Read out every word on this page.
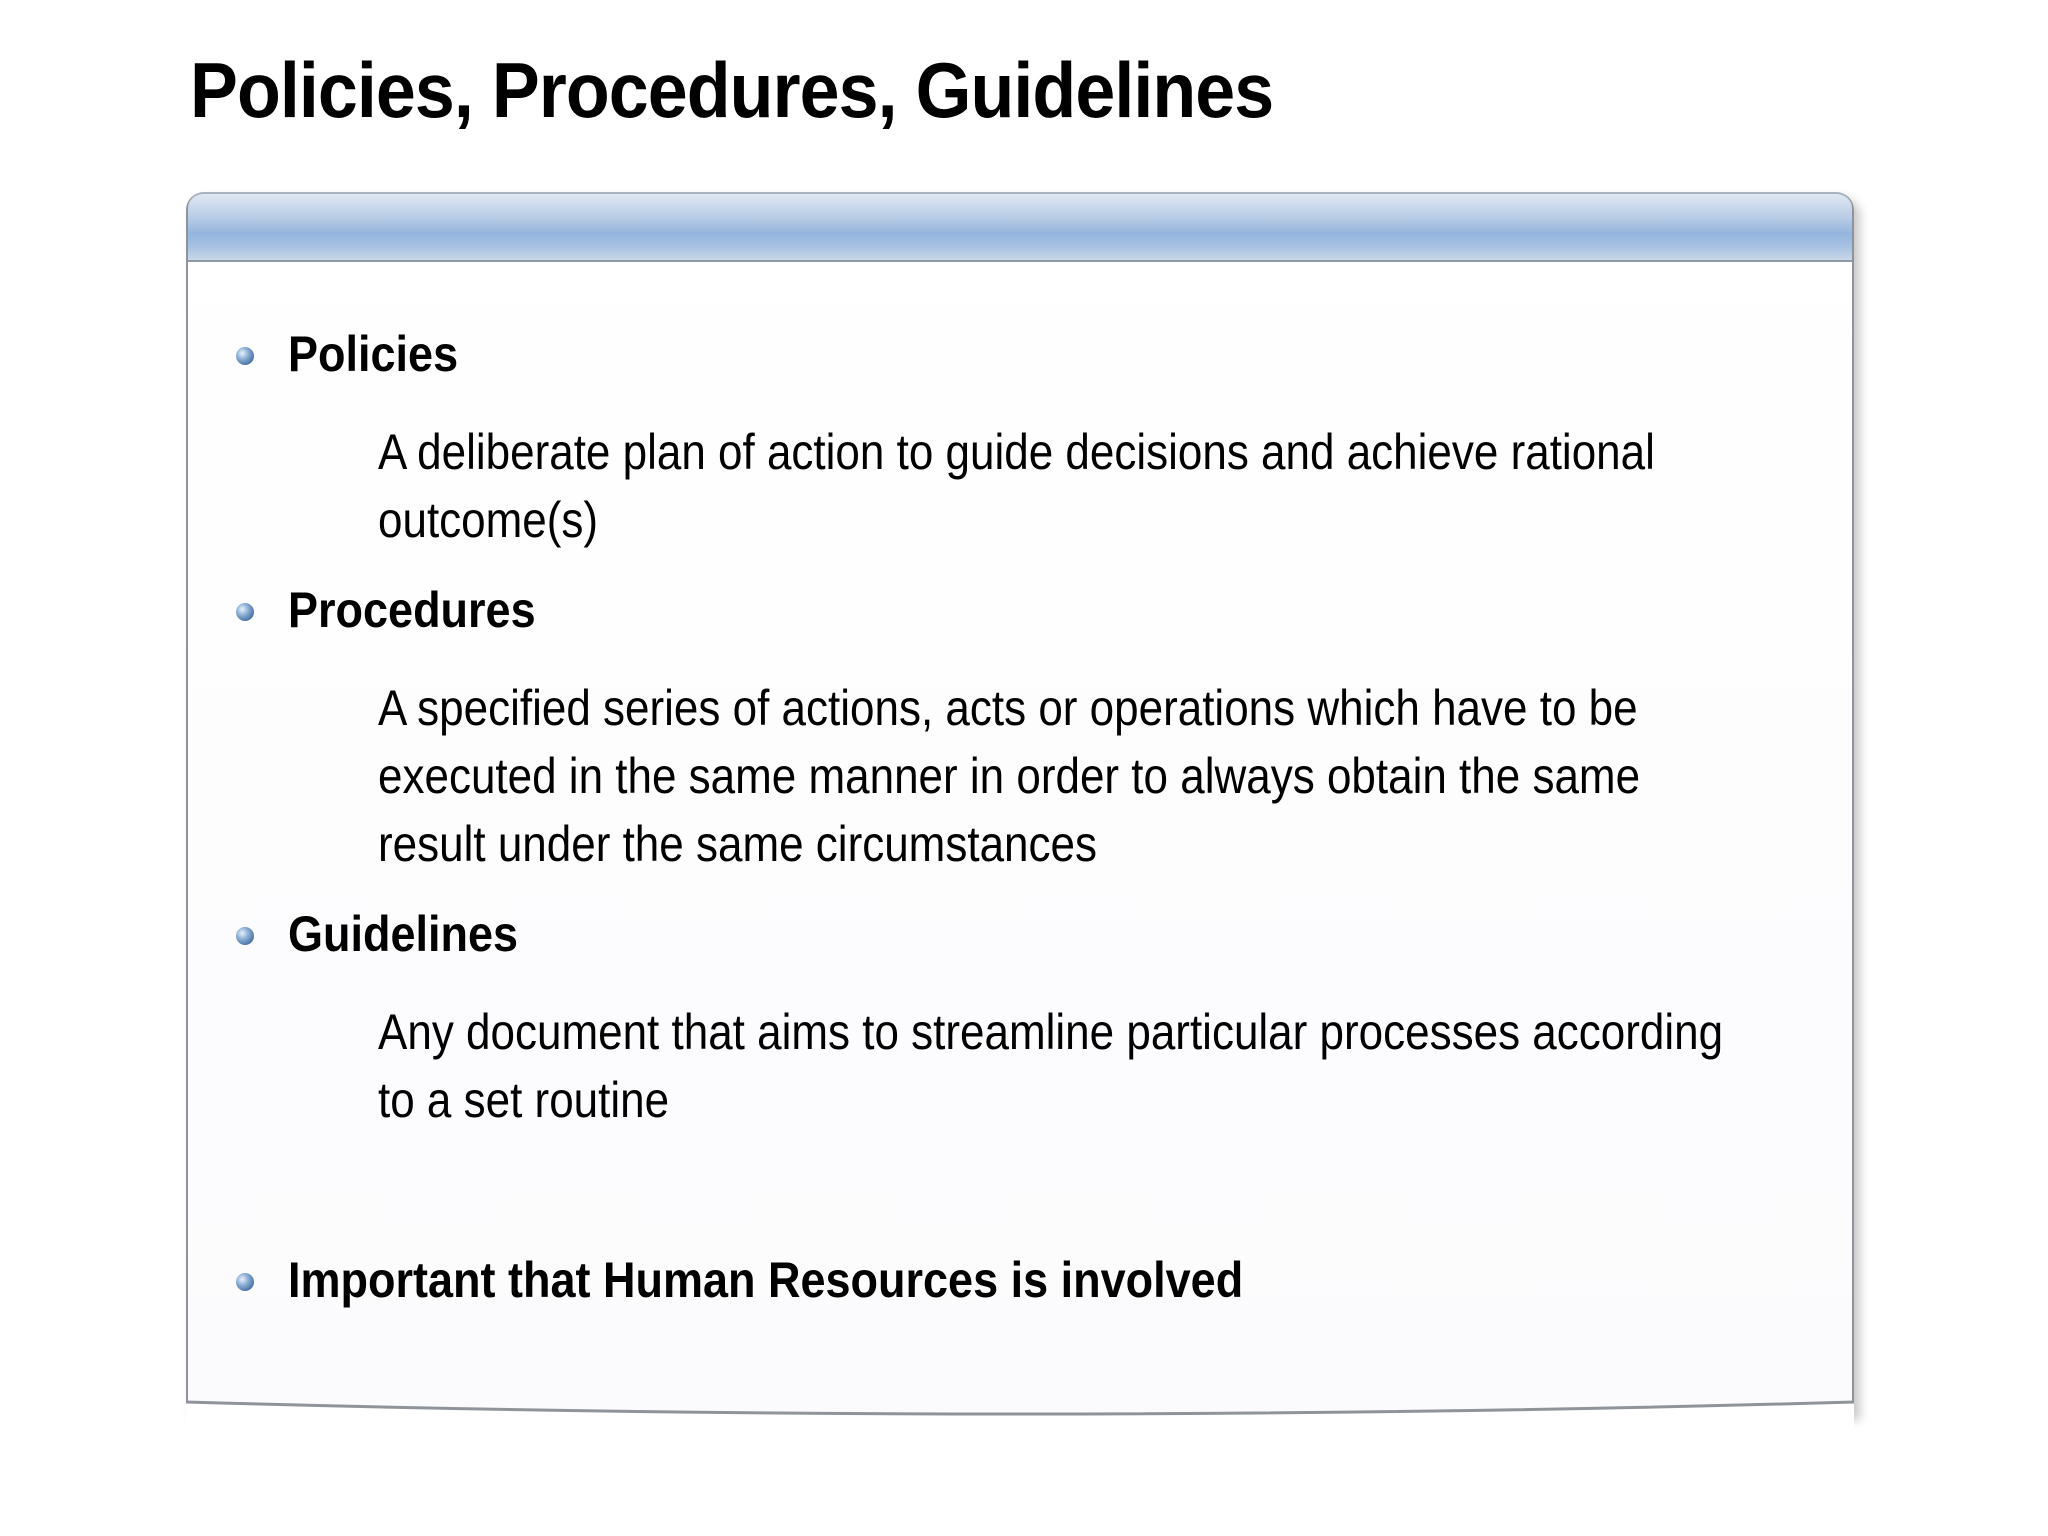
Policies, Procedures, Guidelines
Policies
A deliberate plan of action to guide decisions and achieve rational outcome(s)
Procedures
A specified series of actions, acts or operations which have to be executed in the same manner in order to always obtain the same result under the same circumstances
Guidelines
Any document that aims to streamline particular processes according to a set routine
Important that Human Resources is involved
